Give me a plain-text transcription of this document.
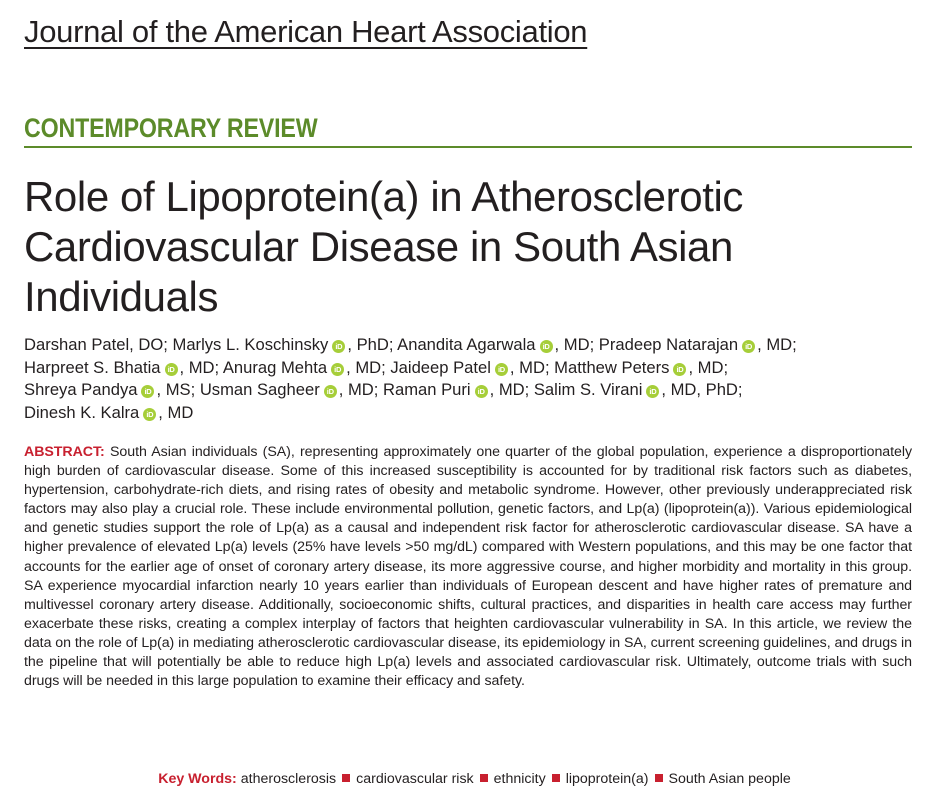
Journal of the American Heart Association
CONTEMPORARY REVIEW
Role of Lipoprotein(a) in Atherosclerotic
Cardiovascular Disease in South Asian
Individuals
Darshan Patel, DO; Marlys L. Koschinsky iD , PhD; Anandita Agarwala iD , MD; Pradeep Natarajan iD , MD;
Harpreet S. Bhatia iD , MD; Anurag Mehta iD , MD; Jaideep Patel iD , MD; Matthew Peters iD , MD;
Shreya Pandya iD , MS; Usman Sagheer iD , MD; Raman Puri iD , MD; Salim S. Virani iD , MD, PhD;
Dinesh K. Kalra iD , MD
ABSTRACT: South Asian individuals (SA), representing approximately one quarter of the global population, experience a disproportionately high burden of cardiovascular disease. Some of this increased susceptibility is accounted for by traditional risk factors such as diabetes, hypertension, carbohydrate-rich diets, and rising rates of obesity and metabolic syndrome. However, other previously underappreciated risk factors may also play a crucial role. These include environmental pollution, genetic factors, and Lp(a) (lipoprotein(a)). Various epidemiological and genetic studies support the role of Lp(a) as a causal and independent risk factor for atherosclerotic cardiovascular disease. SA have a higher prevalence of elevated Lp(a) levels (25% have levels >50 mg/dL) compared with Western populations, and this may be one factor that accounts for the earlier age of onset of coronary artery disease, its more aggressive course, and higher morbidity and mortality in this group. SA experience myocardial infarction nearly 10 years earlier than individuals of European descent and have higher rates of premature and multivessel coronary artery disease. Additionally, socioeconomic shifts, cultural practices, and disparities in health care access may further exacerbate these risks, creating a complex interplay of factors that heighten cardiovascular vulnerability in SA. In this article, we review the data on the role of Lp(a) in mediating atherosclerotic cardiovascular disease, its epidemiology in SA, current screening guidelines, and drugs in the pipeline that will potentially be able to reduce high Lp(a) levels and associated cardiovascular risk. Ultimately, outcome trials with such drugs will be needed in this large population to examine their efficacy and safety.
Key Words: atherosclerosis cardiovascular risk ethnicity lipoprotein(a) South Asian people
